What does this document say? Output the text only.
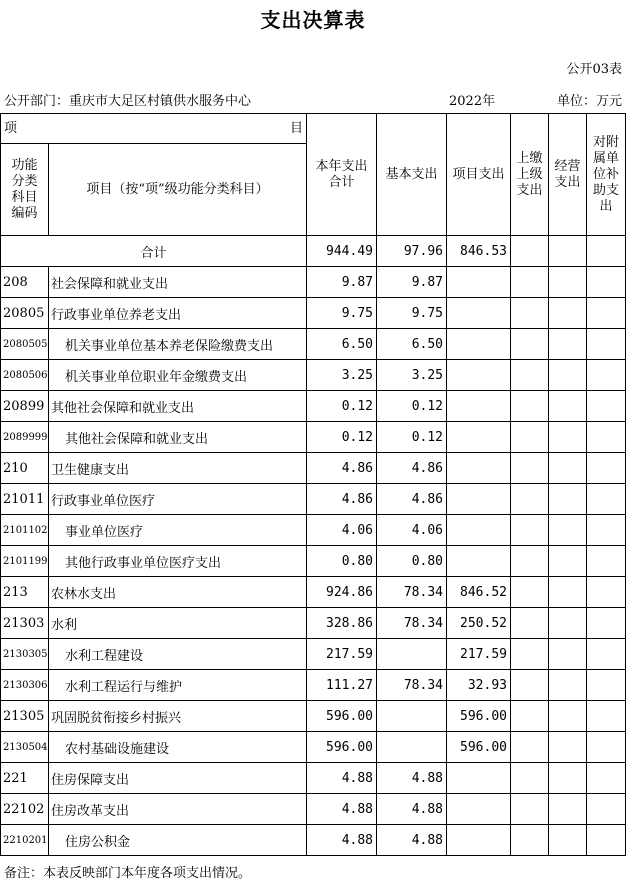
支出决算表
公开03表
公开部门：重庆市大足区村镇供水服务中心	2022年	单位：万元
项 目		本年支出合计	基本支出	项目支出	上缴上级支出	经营支出	对附属单位补助支出
功能分类科目编码	项目（按“项”级功能分类科目）						
合计		944.49	97.96	846.53			
208	社会保障和就业支出	9.87	9.87				
20805	行政事业单位养老支出	9.75	9.75				
2080505	机关事业单位基本养老保险缴费支出	6.50	6.50				
2080506	机关事业单位职业年金缴费支出	3.25	3.25				
20899	其他社会保障和就业支出	0.12	0.12				
2089999	其他社会保障和就业支出	0.12	0.12				
210	卫生健康支出	4.86	4.86				
21011	行政事业单位医疗	4.86	4.86				
2101102	事业单位医疗	4.06	4.06				
2101199	其他行政事业单位医疗支出	0.80	0.80				
213	农林水支出	924.86	78.34	846.52			
21303	水利	328.86	78.34	250.52			
2130305	水利工程建设	217.59		217.59			
2130306	水利工程运行与维护	111.27	78.34	32.93			
21305	巩固脱贫衔接乡村振兴	596.00		596.00			
2130504	农村基础设施建设	596.00		596.00			
221	住房保障支出	4.88	4.88				
22102	住房改革支出	4.88	4.88				
2210201	住房公积金	4.88	4.88				
备注：本表反映部门本年度各项支出情况。
